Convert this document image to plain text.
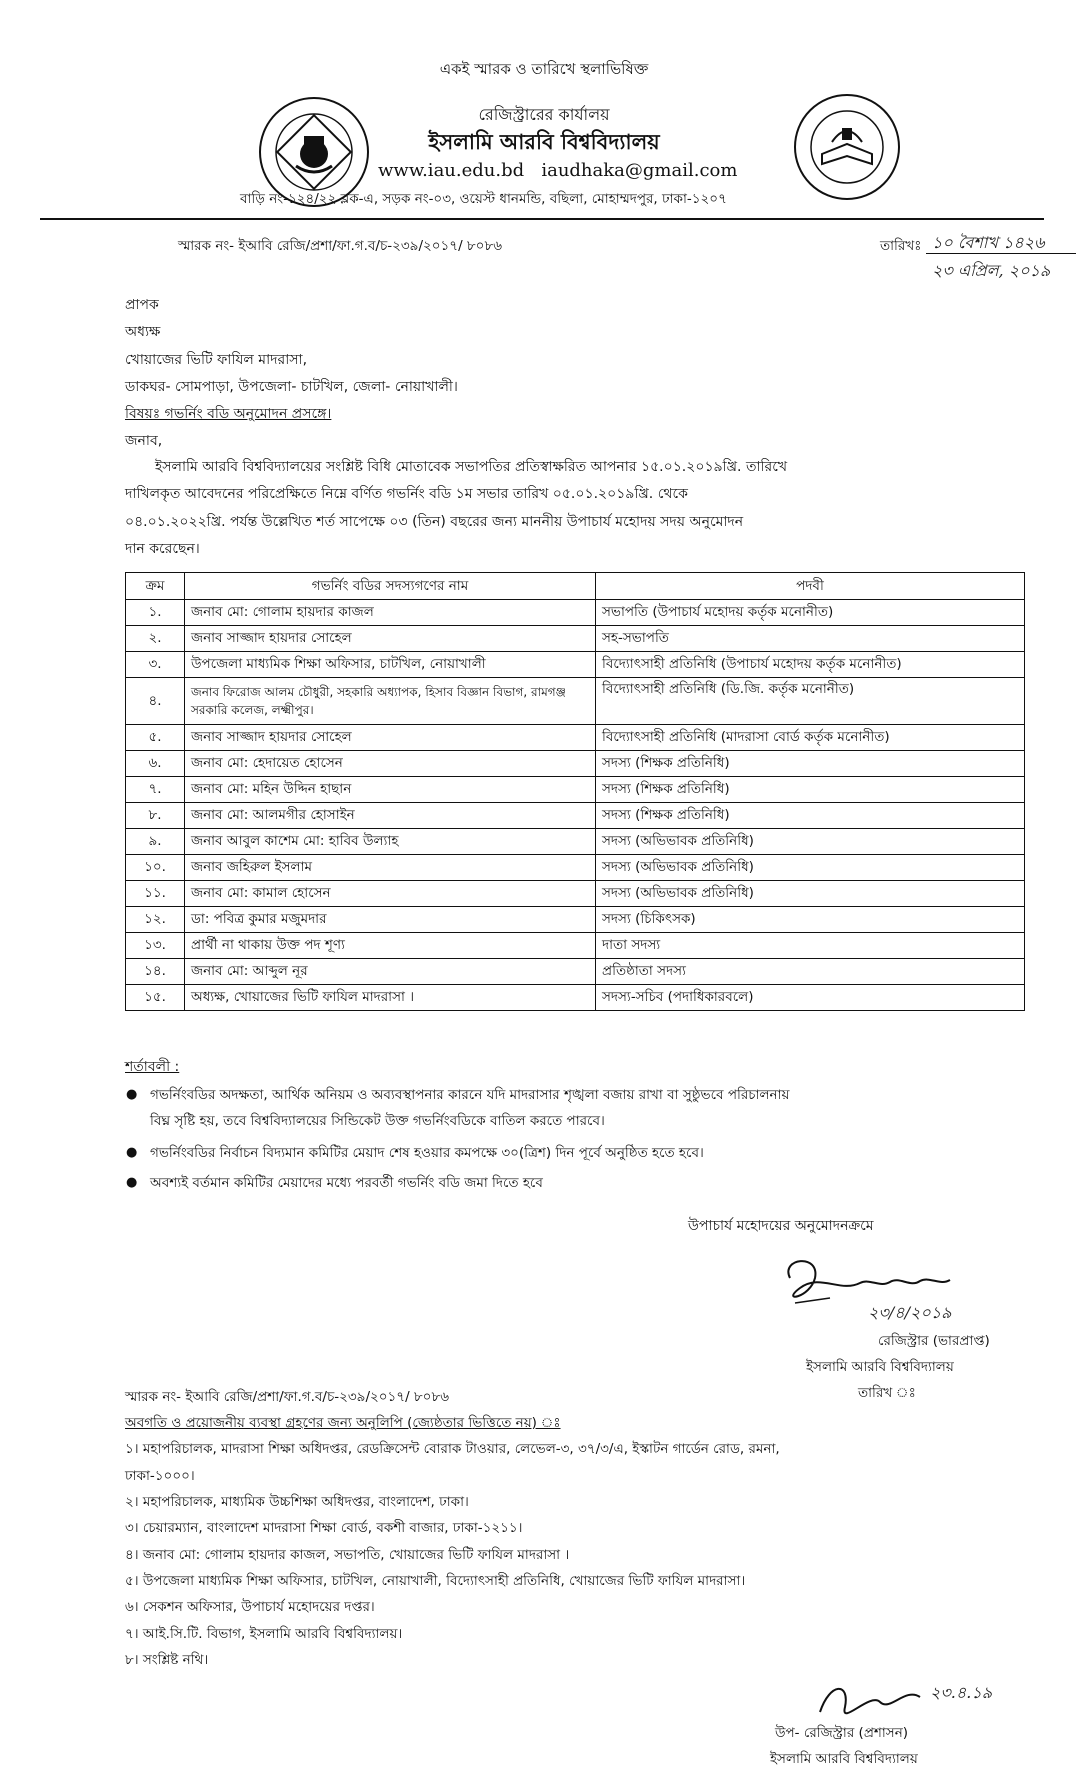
একই স্মারক ও তারিখে স্থলাভিষিক্ত
রেজিস্ট্রারের কার্যালয়
ইসলামি আরবি বিশ্ববিদ্যালয়
www.iau.edu.bd iaudhaka@gmail.com
বাড়ি নং-১২৪/২২ ব্লক-এ, সড়ক নং-০৩, ওয়েস্ট ধানমন্ডি, বছিলা, মোহাম্মদপুর, ঢাকা-১২০৭
স্মারক নং- ইআবি রেজি/প্রশা/ফা.গ.ব/চ-২৩৯/২০১৭/ ৮০৮৬	তারিখঃ ১০ বৈশাখ ১৪২৬
২৩ এপ্রিল, ২০১৯
প্রাপক
অধ্যক্ষ
খোয়াজের ভিটি ফাযিল মাদরাসা,
ডাকঘর- সোমপাড়া, উপজেলা- চাটখিল, জেলা- নোয়াখালী।
বিষয়ঃ গভর্নিং বডি অনুমোদন প্রসঙ্গে।
জনাব,
ইসলামি আরবি বিশ্ববিদ্যালয়ের সংশ্লিষ্ট বিধি মোতাবেক সভাপতির প্রতিস্বাক্ষরিত আপনার ১৫.০১.২০১৯খ্রি. তারিখে
দাখিলকৃত আবেদনের পরিপ্রেক্ষিতে নিম্নে বর্ণিত গভর্নিং বডি ১ম সভার তারিখ ০৫.০১.২০১৯খ্রি. থেকে
০৪.০১.২০২২খ্রি. পর্যন্ত উল্লেখিত শর্ত সাপেক্ষে ০৩ (তিন) বছরের জন্য মাননীয় উপাচার্য মহোদয় সদয় অনুমোদন
দান করেছেন।
ক্রম	গভর্নিং বডির সদস্যগণের নাম	পদবী
১.	জনাব মো: গোলাম হায়দার কাজল	সভাপতি (উপাচার্য মহোদয় কর্তৃক মনোনীত)
২.	জনাব সাজ্জাদ হায়দার সোহেল	সহ-সভাপতি
৩.	উপজেলা মাধ্যমিক শিক্ষা অফিসার, চাটখিল, নোয়াখালী	বিদ্যোৎসাহী প্রতিনিধি (উপাচার্য মহোদয় কর্তৃক মনোনীত)
৪.	জনাব ফিরোজ আলম চৌধুরী, সহকারি অধ্যাপক, হিসাব বিজ্ঞান বিভাগ, রামগঞ্জ সরকারি কলেজ, লক্ষ্মীপুর।	বিদ্যোৎসাহী প্রতিনিধি (ডি.জি. কর্তৃক মনোনীত)
৫.	জনাব সাজ্জাদ হায়দার সোহেল	বিদ্যোৎসাহী প্রতিনিধি (মাদরাসা বোর্ড কর্তৃক মনোনীত)
৬.	জনাব মো: হেদায়েত হোসেন	সদস্য (শিক্ষক প্রতিনিধি)
৭.	জনাব মো: মহিন উদ্দিন হাছান	সদস্য (শিক্ষক প্রতিনিধি)
৮.	জনাব মো: আলমগীর হোসাইন	সদস্য (শিক্ষক প্রতিনিধি)
৯.	জনাব আবুল কাশেম মো: হাবিব উল্যাহ	সদস্য (অভিভাবক প্রতিনিধি)
১০.	জনাব জহিরুল ইসলাম	সদস্য (অভিভাবক প্রতিনিধি)
১১.	জনাব মো: কামাল হোসেন	সদস্য (অভিভাবক প্রতিনিধি)
১২.	ডা: পবিত্র কুমার মজুমদার	সদস্য (চিকিৎসক)
১৩.	প্রার্থী না থাকায় উক্ত পদ শূণ্য	দাতা সদস্য
১৪.	জনাব মো: আব্দুল নূর	প্রতিষ্ঠাতা সদস্য
১৫.	অধ্যক্ষ, খোয়াজের ভিটি ফাযিল মাদরাসা ।	সদস্য-সচিব (পদাধিকারবলে)
শর্তাবলী :
● গভর্নিংবডির অদক্ষতা, আর্থিক অনিয়ম ও অব্যবস্থাপনার কারনে যদি মাদরাসার শৃঙ্খলা বজায় রাখা বা সুষ্ঠুভবে পরিচালনায়
বিঘ্ন সৃষ্টি হয়, তবে বিশ্ববিদ্যালয়ের সিন্ডিকেট উক্ত গভর্নিংবডিকে বাতিল করতে পারবে।
● গভর্নিংবডির নির্বাচন বিদ্যমান কমিটির মেয়াদ শেষ হওয়ার কমপক্ষে ৩০(ত্রিশ) দিন পূর্বে অনুষ্ঠিত হতে হবে।
● অবশ্যই বর্তমান কমিটির মেয়াদের মধ্যে পরবর্তী গভর্নিং বডি জমা দিতে হবে
উপাচার্য মহোদয়ের অনুমোদনক্রমে
২৩/৪/২০১৯
রেজিস্ট্রার (ভারপ্রাপ্ত)
ইসলামি আরবি বিশ্ববিদ্যালয়
তারিখ ঃ
স্মারক নং- ইআবি রেজি/প্রশা/ফা.গ.ব/চ-২৩৯/২০১৭/ ৮০৮৬
অবগতি ও প্রয়োজনীয় ব্যবস্থা গ্রহণের জন্য অনুলিপি (জ্যেষ্ঠতার ভিত্তিতে নয়) ঃ
১। মহাপরিচালক, মাদরাসা শিক্ষা অধিদপ্তর, রেডক্রিসেন্ট বোরাক টাওয়ার, লেভেল-৩, ৩৭/৩/এ, ইস্কাটন গার্ডেন রোড, রমনা,
ঢাকা-১০০০।
২। মহাপরিচালক, মাধ্যমিক উচ্চশিক্ষা অধিদপ্তর, বাংলাদেশ, ঢাকা।
৩। চেয়ারম্যান, বাংলাদেশ মাদরাসা শিক্ষা বোর্ড, বকশী বাজার, ঢাকা-১২১১।
৪। জনাব মো: গোলাম হায়দার কাজল, সভাপতি, খোয়াজের ভিটি ফাযিল মাদরাসা ।
৫। উপজেলা মাধ্যমিক শিক্ষা অফিসার, চাটখিল, নোয়াখালী, বিদ্যোৎসাহী প্রতিনিধি, খোয়াজের ভিটি ফাযিল মাদরাসা।
৬। সেকশন অফিসার, উপাচার্য মহোদয়ের দপ্তর।
৭। আই.সি.টি. বিভাগ, ইসলামি আরবি বিশ্ববিদ্যালয়।
৮। সংশ্লিষ্ট নথি।
২৩.৪.১৯
উপ- রেজিস্ট্রার (প্রশাসন)
ইসলামি আরবি বিশ্ববিদ্যালয়
